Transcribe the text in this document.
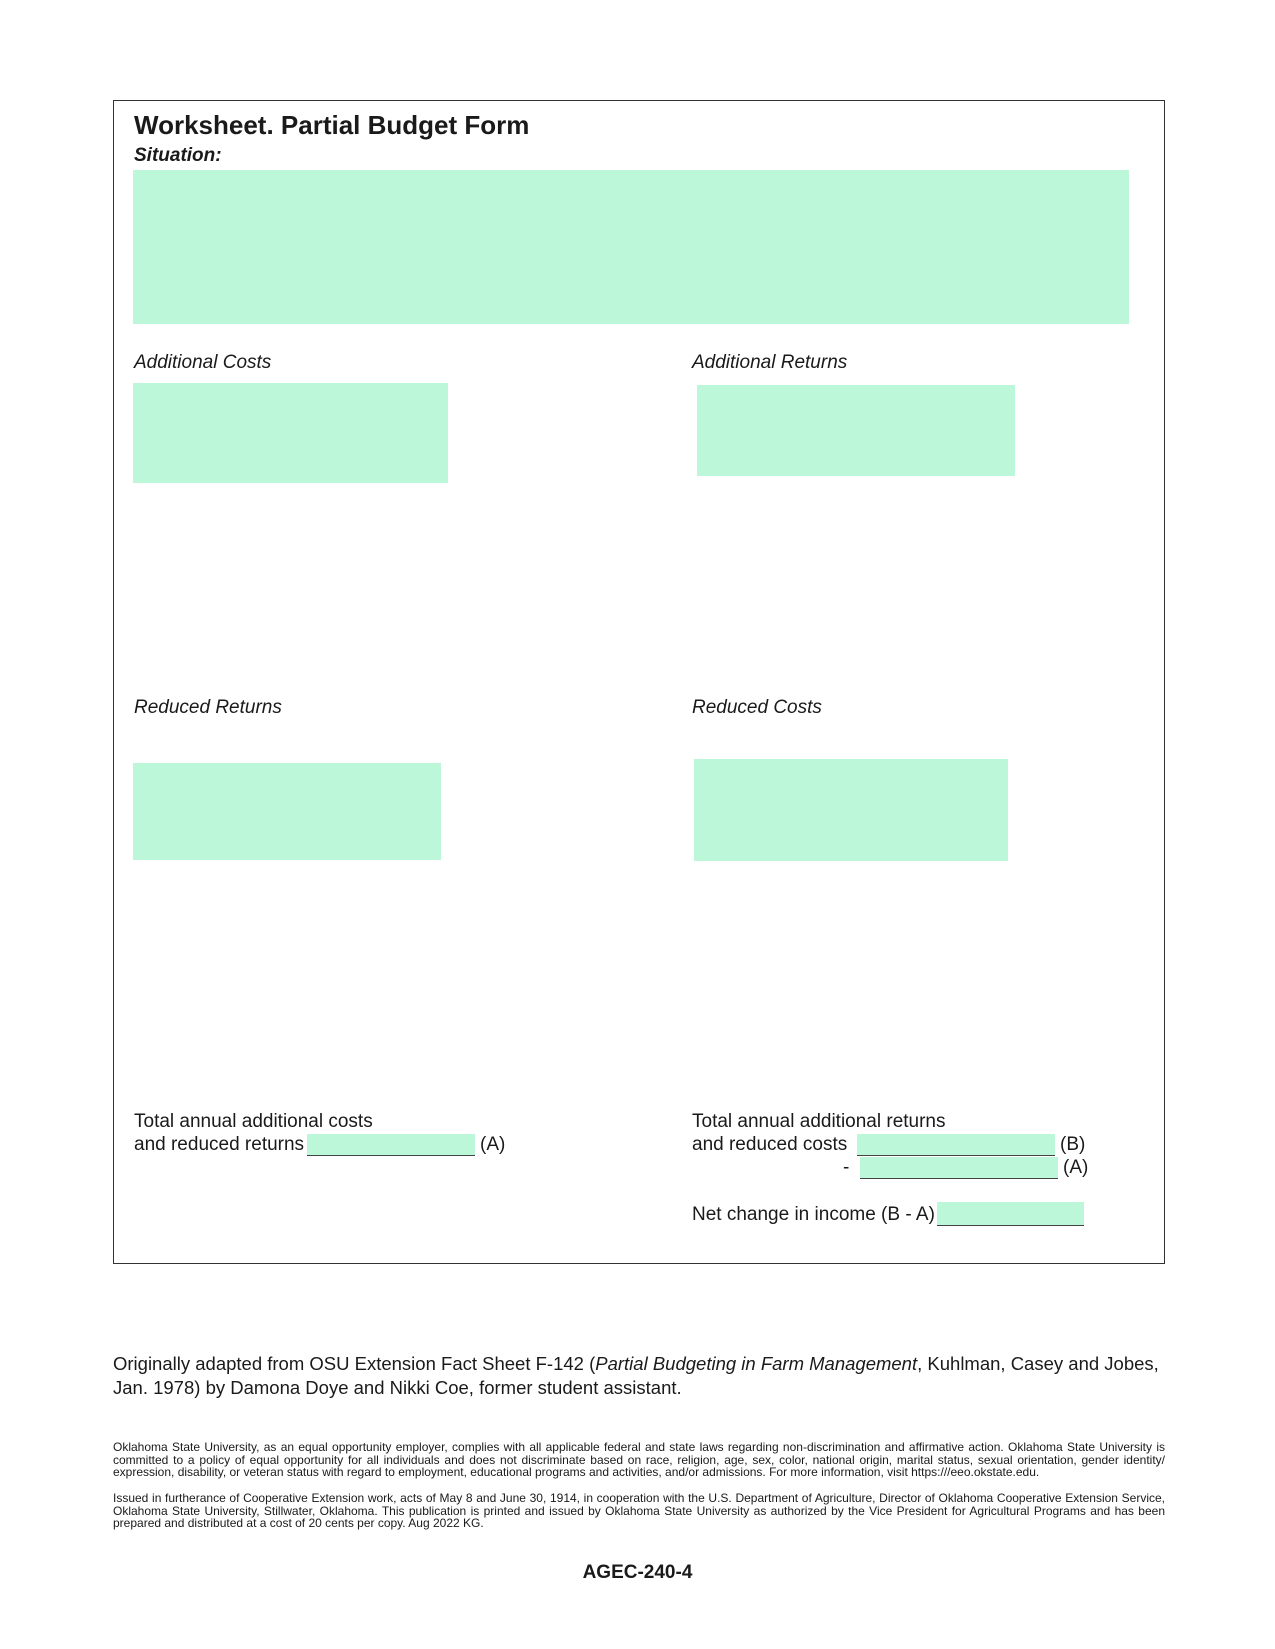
Worksheet. Partial Budget Form
Situation:
Additional Costs	Additional Returns
Reduced Returns	Reduced Costs
Total annual additional costs
and reduced returns	(A)
Total annual additional returns
and reduced costs	(B)
-	(A)
Net change in income (B - A)
Originally adapted from OSU Extension Fact Sheet F-142 (Partial Budgeting in Farm Management, Kuhlman, Casey and Jobes, Jan. 1978) by Damona Doye and Nikki Coe, former student assistant.
Oklahoma State University, as an equal opportunity employer, complies with all applicable federal and state laws regarding non-discrimination and affirmative action. Oklahoma State University is committed to a policy of equal opportunity for all individuals and does not discriminate based on race, religion, age, sex, color, national origin, marital status, sexual orientation, gender identity/ expression, disability, or veteran status with regard to employment, educational programs and activities, and/or admissions. For more information, visit https:///eeo.okstate.edu.
Issued in furtherance of Cooperative Extension work, acts of May 8 and June 30, 1914, in cooperation with the U.S. Department of Agriculture, Director of Oklahoma Cooperative Extension Service, Oklahoma State University, Stillwater, Oklahoma. This publication is printed and issued by Oklahoma State University as authorized by the Vice President for Agricultural Programs and has been prepared and distributed at a cost of 20 cents per copy. Aug 2022 KG.
AGEC-240-4
